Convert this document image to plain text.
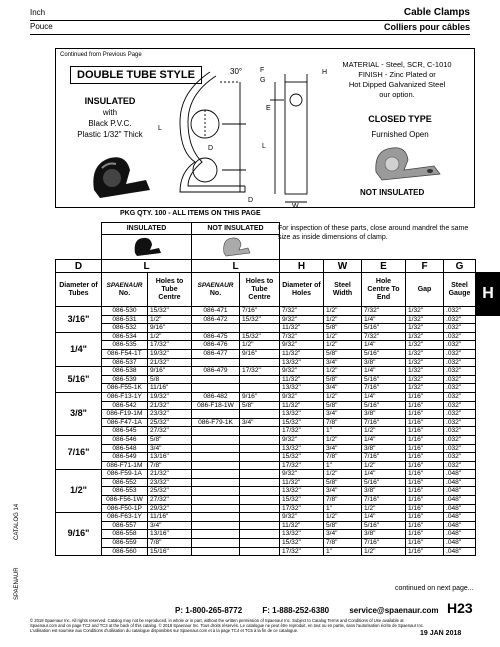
Inch	Cable Clamps
Pouce	Colliers pour câbles
Continued from Previous Page
DOUBLE TUBE STYLE
INSULATED
with
Black P.V.C.
Plastic 1/32" Thick
30°	F
G
H
E
L
L
D
D
W
MATERIAL - Steel, SCR, C-1010
FINISH - Zinc Plated or
Hot Dipped Galvanized Steel
our option.
CLOSED TYPE
Furnished Open
NOT INSULATED
PKG QTY. 100 - ALL ITEMS ON THIS PAGE
For inspection of these parts, close around mandrel the same size as inside dimensions of clamp.
	INSULATED		NOT INSULATED						

D	L		L		H	W	E	F	G
Diameter of Tubes	SPAENAUR
No.	Holes to Tube Centre	SPAENAUR
No.	Holes to Tube Centre	Diameter of Holes	Steel Width	Hole Centre To End	Gap	Steel Gauge
3/16"	086-530	15/32"	086-471	7/16"	7/32"	1/2"	7/32"	1/32"	.032"
	086-531	1/2"	086-472	15/32"	9/32"	1/2"	1/4"	1/32"	.032"
	086-532	9/16"			11/32"	5/8"	5/16"	1/32"	.032"
1/4"	086-534	1/2"	086-475	15/32"	7/32"	1/2"	7/32"	1/32"	.032"
	086-535	17/32"	086-476	1/2"	9/32"	1/2"	1/4"	1/32"	.032"
	086-F54-1T	19/32"	086-477	9/16"	11/32"	5/8"	5/16"	1/32"	.032"
	086-537	21/32"			13/32"	3/4"	3/8"	1/32"	.032"
5/16"	086-538	9/16"	086-479	17/32"	9/32"	1/2"	1/4"	1/32"	.032"
	086-539	5/8			11/32"	5/8"	5/16"	1/32"	.032"
	086-F55-1K	11/16"			13/32"	3/4"	7/16"	1/32"	.032"
3/8"	086-F13-1Y	19/32"	086-482	9/16"	9/32"	1/2"	1/4"	1/16"	.032"
	086-542	21/32"	086-F18-1W	5/8"	11/32"	5/8"	5/16"	1/16"	.032"
	086-F19-1M	23/32"			13/32"	3/4"	3/8"	1/16"	.032"
	086-F47-1A	25/32"	086-F79-1K	3/4"	15/32"	7/8"	7/16"	1/16"	.032"
	086-545	27/32"			17/32"	1"	1/2"	1/16"	.032"
7/16"	086-546	5/8"			9/32"	1/2"	1/4"	1/16"	.032"
	086-548	3/4"			13/32"	3/4"	3/8"	1/16"	.032"
	086-549	13/16"			15/32"	7/8"	7/16"	1/16"	.032"
	086-F71-1M	7/8"			17/32"	1"	1/2"	1/16"	.032"
1/2"	086-F59-1A	21/32"			9/32"	1/2"	1/4"	1/16"	.048"
	086-552	23/32"			11/32"	5/8"	5/16"	1/16"	.048"
	086-553	25/32"			13/32"	3/4"	3/8"	1/16"	.048"
	086-F56-1W	27/32"			15/32"	7/8"	7/16"	1/16"	.048"
	086-F50-1P	29/32"			17/32"	1"	1/2"	1/16"	.048"
9/16"	086-F63-1Y	11/16"			9/32"	1/2"	1/4"	1/16"	.048"
	086-557	3/4"			11/32"	5/8"	5/16"	1/16"	.048"
	086-558	13/16"			13/32"	3/4"	3/8"	1/16"	.048"
	086-559	7/8"			15/32"	7/8"	7/16"	1/16"	.048"
	086-560	15/16"			17/32"	1"	1/2"	1/16"	.048"
H
CATALOG 14
SPAENAUR	continued on next page...
P: 1-800-265-8772	F: 1-888-252-6380	service@spaenaur.com H23
© 2018 Spaenaur Inc. All rights reserved. Catalog may not be reproduced, in whole or in part, without the written permission of Spaenaur Inc. Subject to Catalog Terms and Conditions of Use available at Spaenaur.com and on page TC2 and TC3 at the back of this catalog. © 2018 Spaenaur Inc. Tous droits réservés. Le catalogue ne peut être reproduit, en tout ou en partie, sans l'autorisation écrite de Spaenaur Inc. L'utilisation est soumise aux Conditions d'utilisation du catalogue disponibles sur Spaenaur.com et à la page TC4 et TC5 à la fin de ce catalogue.	19 JAN 2018
